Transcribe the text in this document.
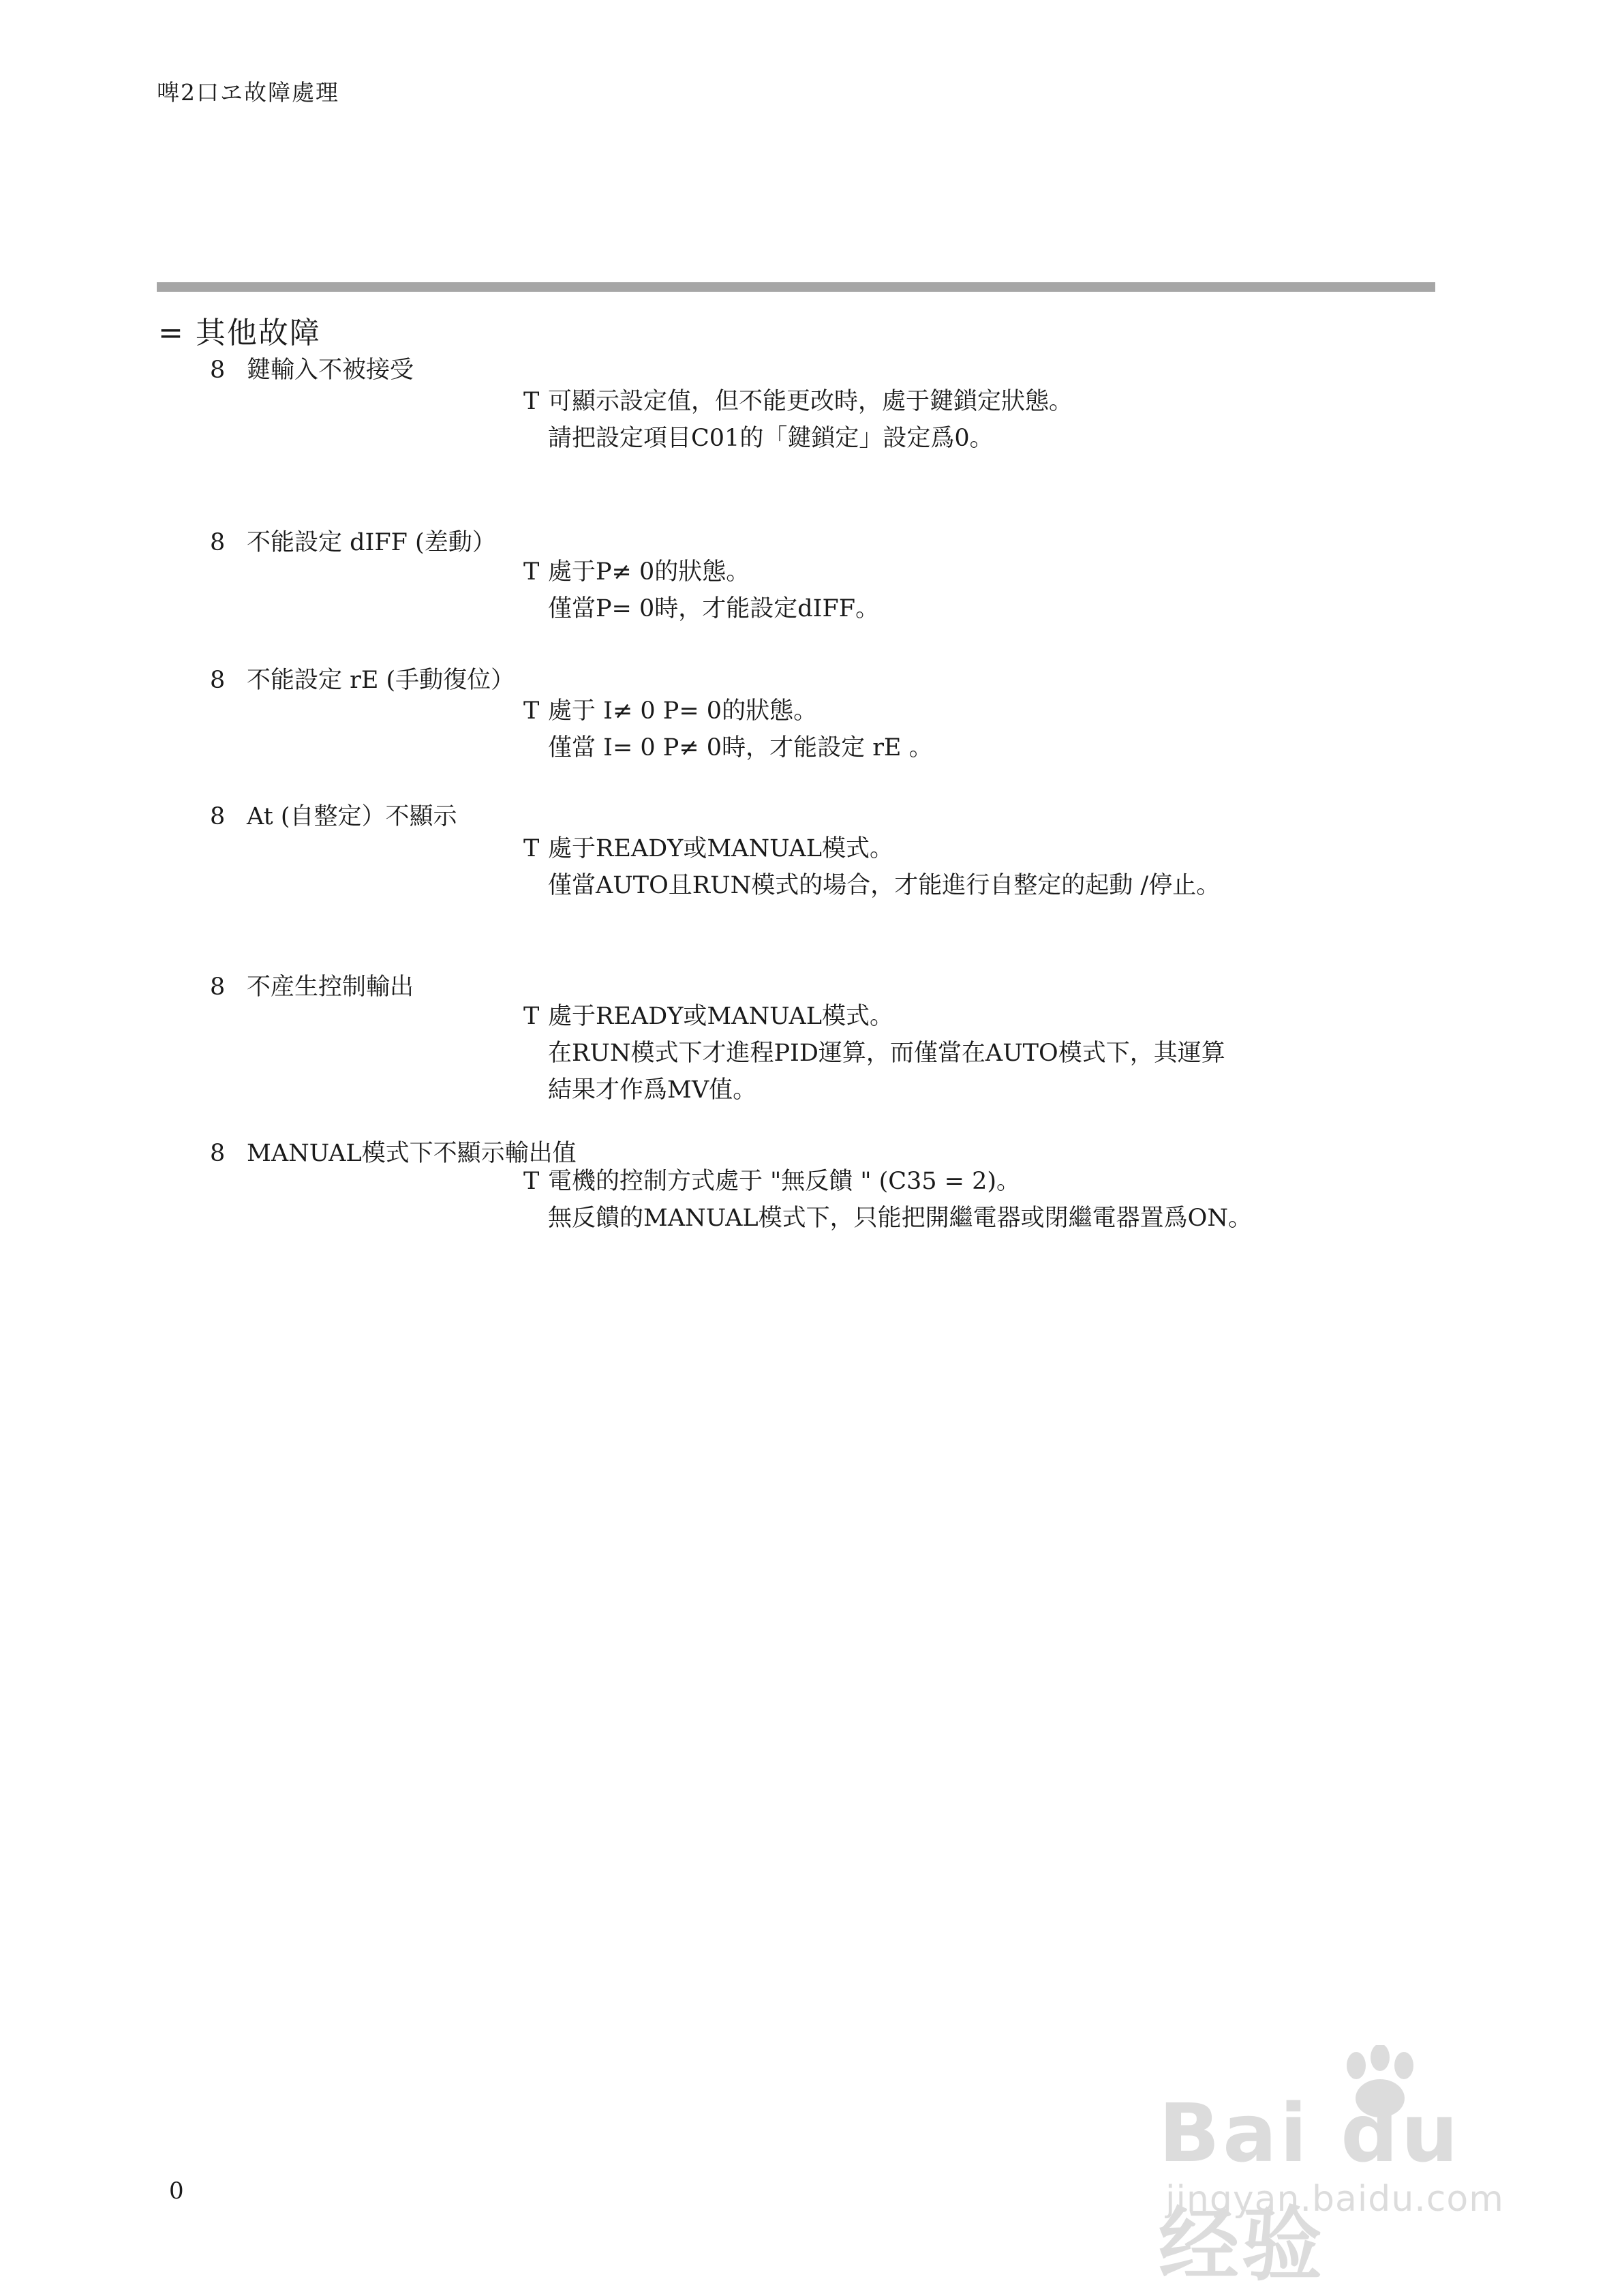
啤2口ヱ故障處理
= 其他故障
8 鍵輸入不被接受
T 可顯示設定值，但不能更改時，處于鍵鎖定狀態。
請把設定項目C01的「鍵鎖定」設定爲0。
8 不能設定 dIFF (差動）
T 處于P≠ 0的狀態。
僅當P= 0時，才能設定dIFF。
8 不能設定 rE (手動復位）
T 處于 I≠ 0 P= 0的狀態。
僅當 I= 0 P≠ 0時，才能設定 rE 。
8 At (自整定）不顯示
T 處于READY或MANUAL模式。
僅當AUTO且RUN模式的場合，才能進行自整定的起動 /停止。
8 不産生控制輸出
T 處于READY或MANUAL模式。
在RUN模式下才進程PID運算，而僅當在AUTO模式下，其運算
結果才作爲MV值。
8 MANUAL模式下不顯示輸出值
T 電機的控制方式處于 "無反饋 " (C35 = 2)。
無反饋的MANUAL模式下，只能把開繼電器或閉繼電器置爲ON。
0
Bai du 经验
jingyan.baidu.com
